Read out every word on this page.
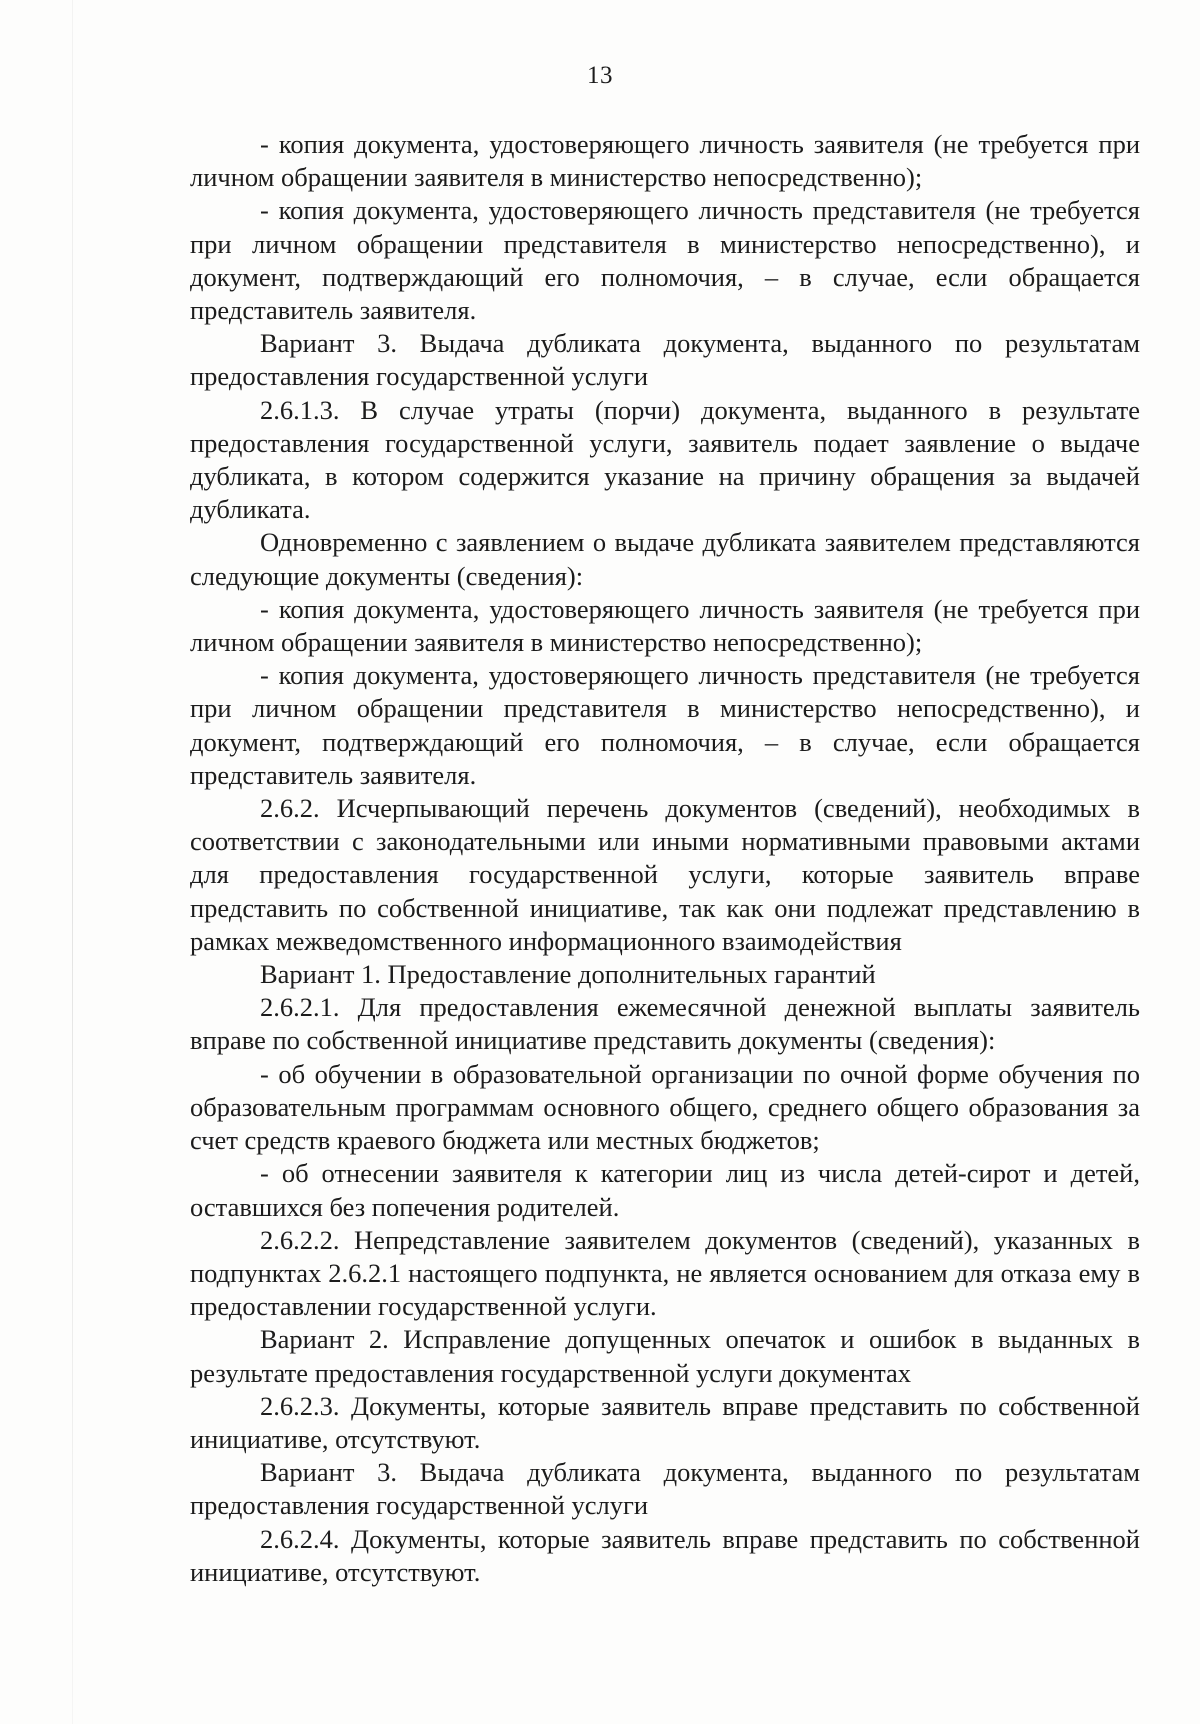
13

- копия документа, удостоверяющего личность заявителя (не требуется при личном обращении заявителя в министерство непосредственно);

- копия документа, удостоверяющего личность представителя (не требуется при личном обращении представителя в министерство непосредственно), и документ, подтверждающий его полномочия, – в случае, если обращается представитель заявителя.

Вариант 3. Выдача дубликата документа, выданного по результатам предоставления государственной услуги

2.6.1.3. В случае утраты (порчи) документа, выданного в результате предоставления государственной услуги, заявитель подает заявление о выдаче дубликата, в котором содержится указание на причину обращения за выдачей дубликата.

Одновременно с заявлением о выдаче дубликата заявителем представляются следующие документы (сведения):

- копия документа, удостоверяющего личность заявителя (не требуется при личном обращении заявителя в министерство непосредственно);

- копия документа, удостоверяющего личность представителя (не требуется при личном обращении представителя в министерство непосредственно), и документ, подтверждающий его полномочия, – в случае, если обращается представитель заявителя.

2.6.2. Исчерпывающий перечень документов (сведений), необходимых в соответствии с законодательными или иными нормативными правовыми актами для предоставления государственной услуги, которые заявитель вправе представить по собственной инициативе, так как они подлежат представлению в рамках межведомственного информационного взаимодействия

Вариант 1. Предоставление дополнительных гарантий

2.6.2.1. Для предоставления ежемесячной денежной выплаты заявитель вправе по собственной инициативе представить документы (сведения):

- об обучении в образовательной организации по очной форме обучения по образовательным программам основного общего, среднего общего образования за счет средств краевого бюджета или местных бюджетов;

- об отнесении заявителя к категории лиц из числа детей-сирот и детей, оставшихся без попечения родителей.

2.6.2.2. Непредставление заявителем документов (сведений), указанных в подпунктах 2.6.2.1 настоящего подпункта, не является основанием для отказа ему в предоставлении государственной услуги.

Вариант 2. Исправление допущенных опечаток и ошибок в выданных в результате предоставления государственной услуги документах

2.6.2.3. Документы, которые заявитель вправе представить по собственной инициативе, отсутствуют.

Вариант 3. Выдача дубликата документа, выданного по результатам предоставления государственной услуги

2.6.2.4. Документы, которые заявитель вправе представить по собственной инициативе, отсутствуют.
